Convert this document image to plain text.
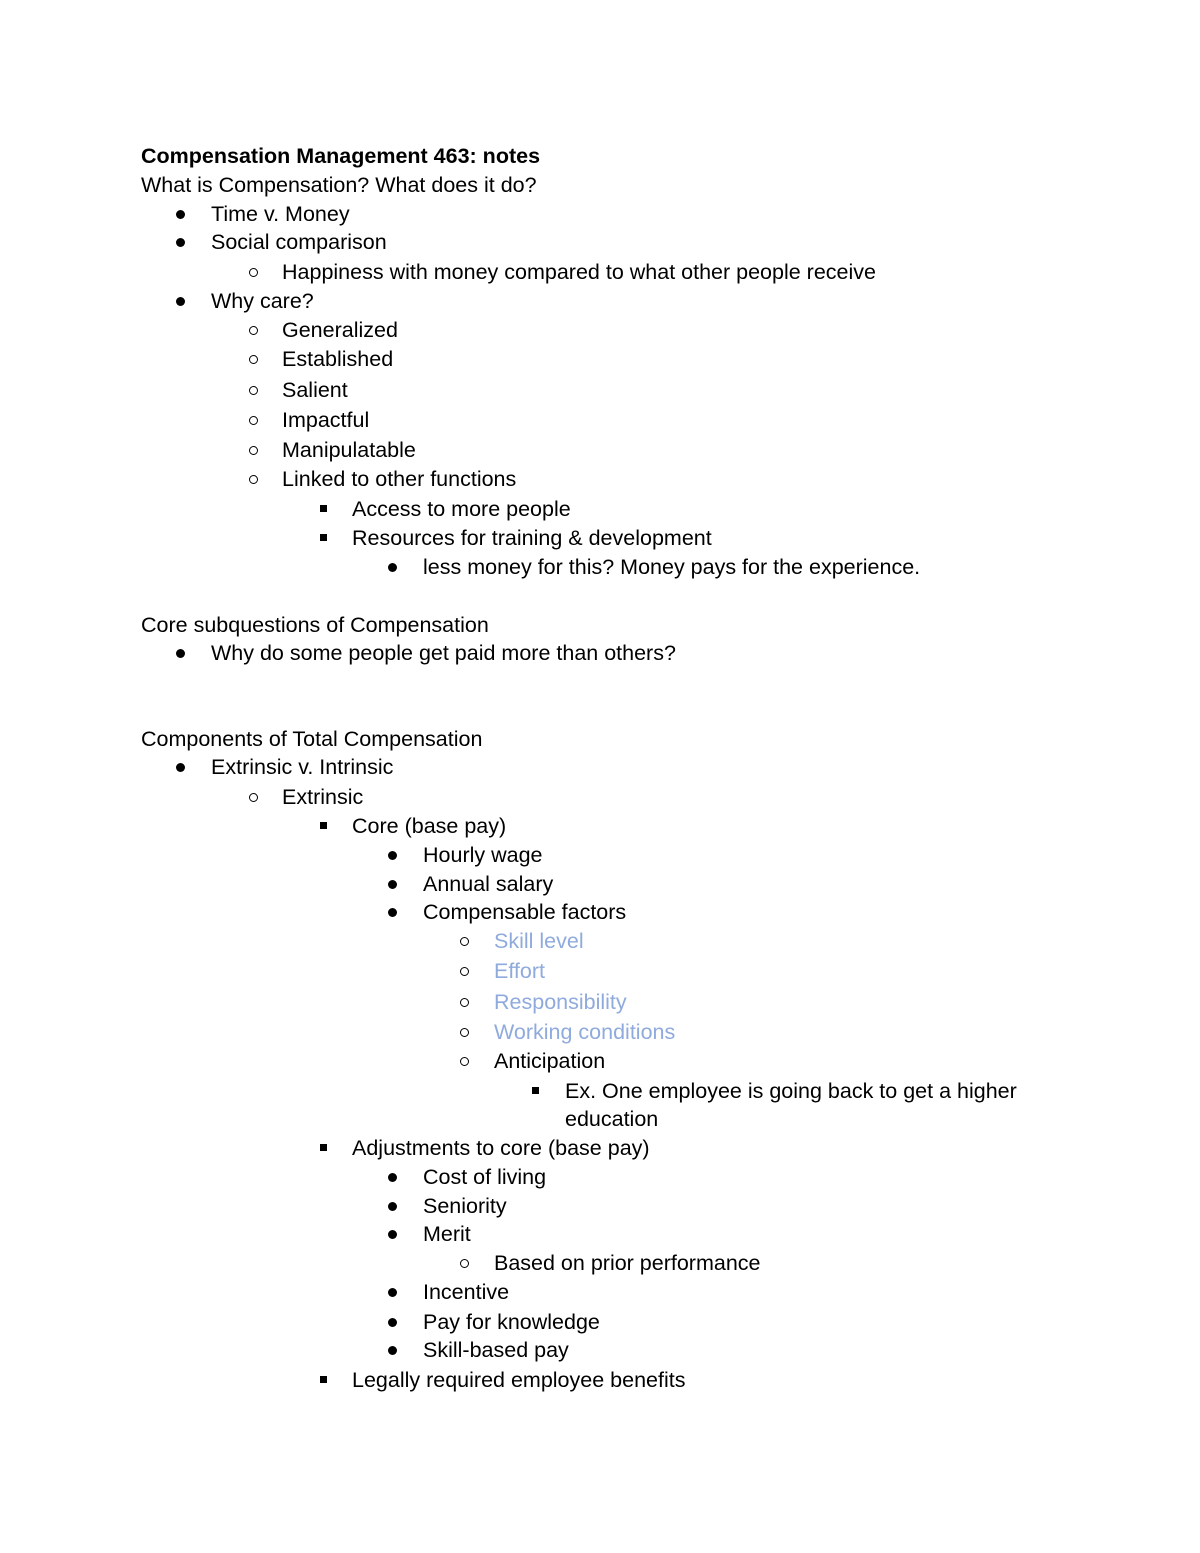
Compensation Management 463: notes
What is Compensation? What does it do?
Time v. Money
Social comparison
Happiness with money compared to what other people receive
Why care?
Generalized
Established
Salient
Impactful
Manipulatable
Linked to other functions
Access to more people
Resources for training & development
less money for this? Money pays for the experience.
Core subquestions of Compensation
Why do some people get paid more than others?
Components of Total Compensation
Extrinsic v. Intrinsic
Extrinsic
Core (base pay)
Hourly wage
Annual salary
Compensable factors
Skill level
Effort
Responsibility
Working conditions
Anticipation
Ex. One employee is going back to get a higher
education
Adjustments to core (base pay)
Cost of living
Seniority
Merit
Based on prior performance
Incentive
Pay for knowledge
Skill-based pay
Legally required employee benefits
